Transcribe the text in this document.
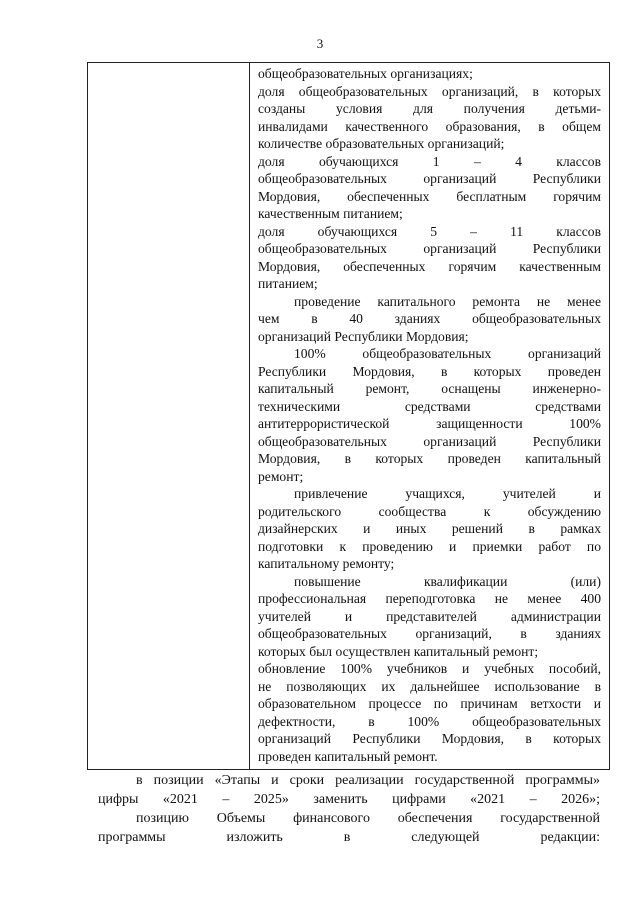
3

общеобразовательных организациях;
доля общеобразовательных организаций, в которых
созданы условия для получения детьми-
инвалидами качественного образования, в общем
количестве образовательных организаций;
доля обучающихся 1 – 4 классов
общеобразовательных организаций Республики
Мордовия, обеспеченных бесплатным горячим
качественным питанием;
доля обучающихся 5 – 11 классов
общеобразовательных организаций Республики
Мордовия, обеспеченных горячим качественным
питанием;
проведение капитального ремонта не менее
чем в 40 зданиях общеобразовательных
организаций Республики Мордовия;
100% общеобразовательных организаций
Республики Мордовия, в которых проведен
капитальный ремонт, оснащены инженерно-
техническими средствами средствами
антитеррористической защищенности 100%
общеобразовательных организаций Республики
Мордовия, в которых проведен капитальный
ремонт;
привлечение учащихся, учителей и
родительского сообщества к обсуждению
дизайнерских и иных решений в рамках
подготовки к проведению и приемки работ по
капитальному ремонту;
повышение квалификации (или)
профессиональная переподготовка не менее 400
учителей и представителей администрации
общеобразовательных организаций, в зданиях
которых был осуществлен капитальный ремонт;
обновление 100% учебников и учебных пособий,
не позволяющих их дальнейшее использование в
образовательном процессе по причинам ветхости и
дефектности, в 100% общеобразовательных
организаций Республики Мордовия, в которых
проведен капитальный ремонт.
в позиции «Этапы и сроки реализации государственной программы»
цифры «2021 – 2025» заменить цифрами «2021 – 2026»;
позицию Объемы финансового обеспечения государственной
программы изложить в следующей редакции:
